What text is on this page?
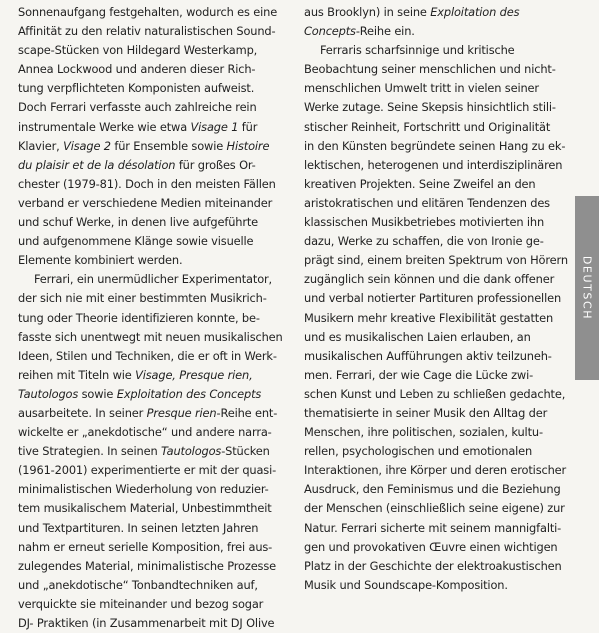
Sonnenaufgang festgehalten, wodurch es eine
Affinität zu den relativ naturalistischen Sound-
scape-Stücken von Hildegard Westerkamp,
Annea Lockwood und anderen dieser Rich-
tung verpflichteten Komponisten aufweist.
Doch Ferrari verfasste auch zahlreiche rein
instrumentale Werke wie etwa Visage 1 für
Klavier, Visage 2 für Ensemble sowie Histoire
du plaisir et de la désolation für großes Or-
chester (1979-81). Doch in den meisten Fällen
verband er verschiedene Medien miteinander
und schuf Werke, in denen live aufgeführte
und aufgenommene Klänge sowie visuelle
Elemente kombiniert werden.
Ferrari, ein unermüdlicher Experimentator,
der sich nie mit einer bestimmten Musikrich-
tung oder Theorie identifizieren konnte, be-
fasste sich unentwegt mit neuen musikalischen
Ideen, Stilen und Techniken, die er oft in Werk-
reihen mit Titeln wie Visage, Presque rien,
Tautologos sowie Exploitation des Concepts
ausarbeitete. In seiner Presque rien-Reihe ent-
wickelte er „anekdotische“ und andere narra-
tive Strategien. In seinen Tautologos-Stücken
(1961-2001) experimentierte er mit der quasi-
minimalistischen Wiederholung von reduzier-
tem musikalischem Material, Unbestimmtheit
und Textpartituren. In seinen letzten Jahren
nahm er erneut serielle Komposition, frei aus-
zulegendes Material, minimalistische Prozesse
und „anekdotische“ Tonbandtechniken auf,
verquickte sie miteinander und bezog sogar
DJ- Praktiken (in Zusammenarbeit mit DJ Olive
aus Brooklyn) in seine Exploitation des
Concepts-Reihe ein.
Ferraris scharfsinnige und kritische
Beobachtung seiner menschlichen und nicht-
menschlichen Umwelt tritt in vielen seiner
Werke zutage. Seine Skepsis hinsichtlich stili-
stischer Reinheit, Fortschritt und Originalität
in den Künsten begründete seinen Hang zu ek-
lektischen, heterogenen und interdisziplinären
kreativen Projekten. Seine Zweifel an den
aristokratischen und elitären Tendenzen des
klassischen Musikbetriebes motivierten ihn
dazu, Werke zu schaffen, die von Ironie ge-
prägt sind, einem breiten Spektrum von Hörern
zugänglich sein können und die dank offener
und verbal notierter Partituren professionellen
Musikern mehr kreative Flexibilität gestatten
und es musikalischen Laien erlauben, an
musikalischen Aufführungen aktiv teilzuneh-
men. Ferrari, der wie Cage die Lücke zwi-
schen Kunst und Leben zu schließen gedachte,
thematisierte in seiner Musik den Alltag der
Menschen, ihre politischen, sozialen, kultu-
rellen, psychologischen und emotionalen
Interaktionen, ihre Körper und deren erotischer
Ausdruck, den Feminismus und die Beziehung
der Menschen (einschließlich seine eigene) zur
Natur. Ferrari sicherte mit seinem mannigfalti-
gen und provokativen Œuvre einen wichtigen
Platz in der Geschichte der elektroakustischen
Musik und Soundscape-Komposition.
DEUTSCH
